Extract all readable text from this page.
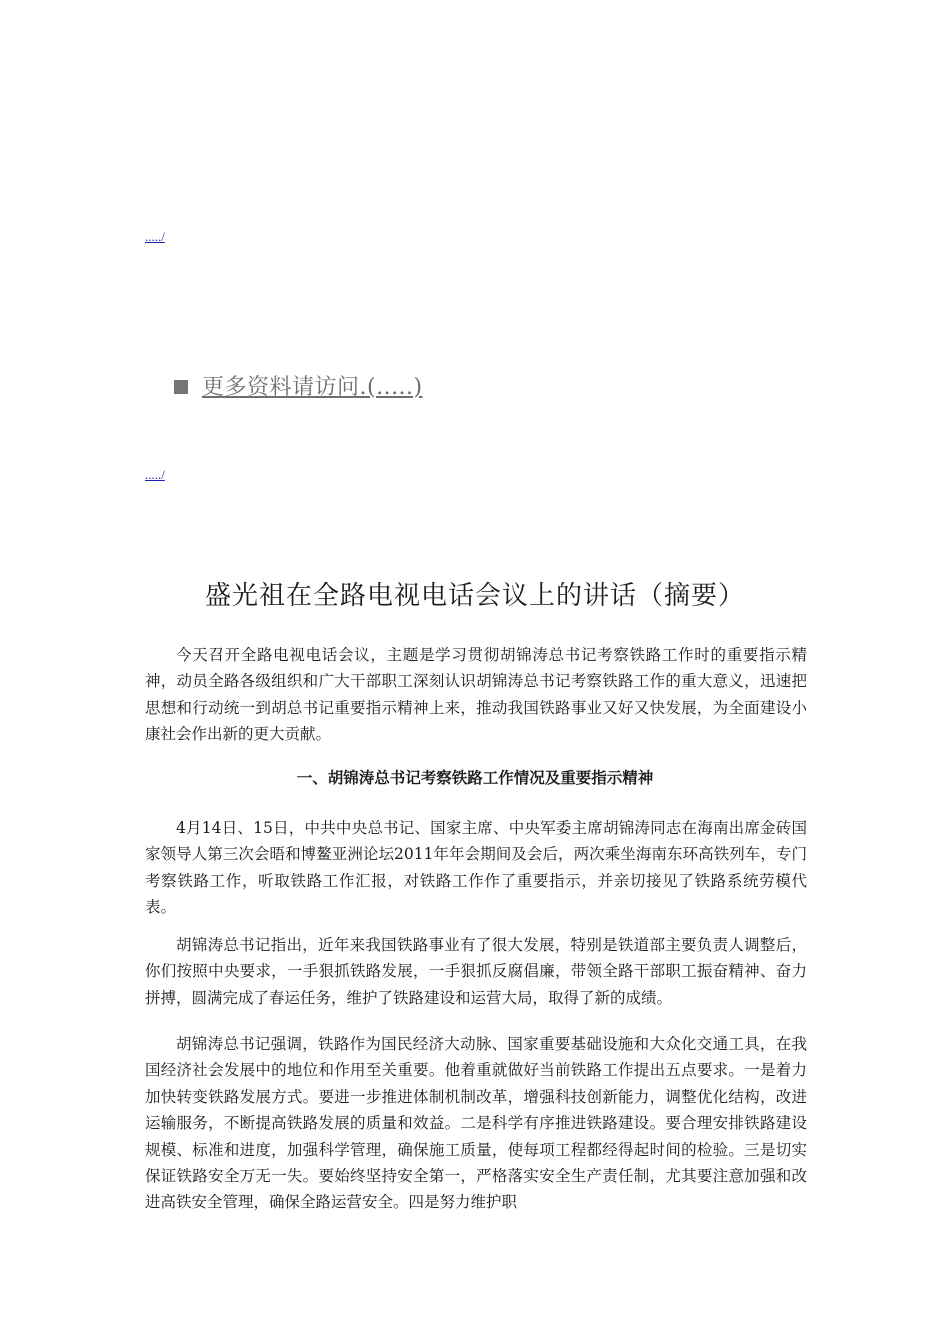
...../
更多资料请访问.(.....)
...../
盛光祖在全路电视电话会议上的讲话（摘要）

今天召开全路电视电话会议，主题是学习贯彻胡锦涛总书记考察铁路工作时的重要指示精神，动员全路各级组织和广大干部职工深刻认识胡锦涛总书记考察铁路工作的重大意义，迅速把思想和行动统一到胡总书记重要指示精神上来，推动我国铁路事业又好又快发展，为全面建设小康社会作出新的更大贡献。

一、胡锦涛总书记考察铁路工作情况及重要指示精神

4月14日、15日，中共中央总书记、国家主席、中央军委主席胡锦涛同志在海南出席金砖国家领导人第三次会晤和博鳌亚洲论坛2011年年会期间及会后，两次乘坐海南东环高铁列车，专门考察铁路工作，听取铁路工作汇报，对铁路工作作了重要指示，并亲切接见了铁路系统劳模代表。

胡锦涛总书记指出，近年来我国铁路事业有了很大发展，特别是铁道部主要负责人调整后，你们按照中央要求，一手狠抓铁路发展，一手狠抓反腐倡廉，带领全路干部职工振奋精神、奋力拼搏，圆满完成了春运任务，维护了铁路建设和运营大局，取得了新的成绩。

胡锦涛总书记强调，铁路作为国民经济大动脉、国家重要基础设施和大众化交通工具，在我国经济社会发展中的地位和作用至关重要。他着重就做好当前铁路工作提出五点要求。一是着力加快转变铁路发展方式。要进一步推进体制机制改革，增强科技创新能力，调整优化结构，改进运输服务，不断提高铁路发展的质量和效益。二是科学有序推进铁路建设。要合理安排铁路建设规模、标准和进度，加强科学管理，确保施工质量，使每项工程都经得起时间的检验。三是切实保证铁路安全万无一失。要始终坚持安全第一，严格落实安全生产责任制，尤其要注意加强和改进高铁安全管理，确保全路运营安全。四是努力维护职
